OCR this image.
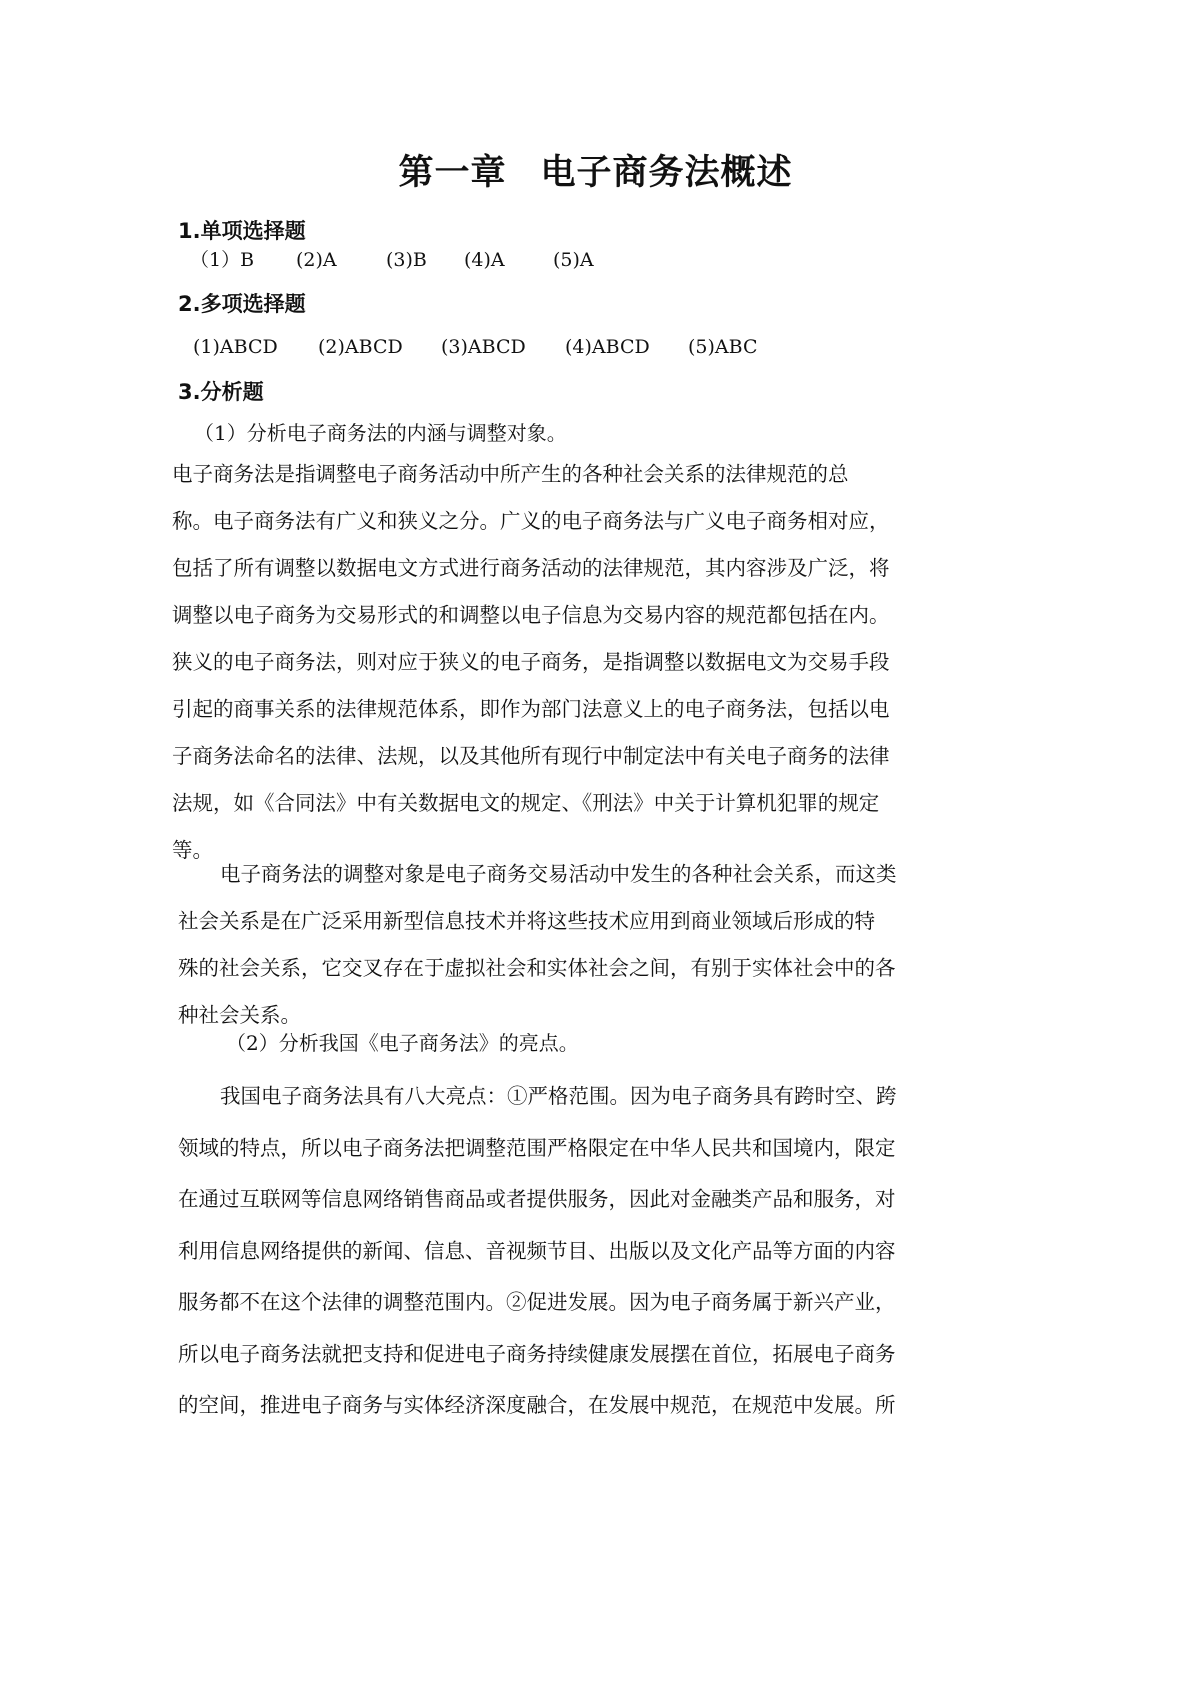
第一章 电子商务法概述
1.单项选择题
（1）B (2)A	(3)B (4)A	(5)A
2.多项选择题
(1)ABCD (2)ABCD (3)ABCD (4)ABCD (5)ABC
3.分析题

（1）分析电子商务法的内涵与调整对象。

电子商务法是指调整电子商务活动中所产生的各种社会关系的法律规范的总
称。电子商务法有广义和狭义之分。广义的电子商务法与广义电子商务相对应，
包括了所有调整以数据电文方式进行商务活动的法律规范，其内容涉及广泛，将
调整以电子商务为交易形式的和调整以电子信息为交易内容的规范都包括在内。
狭义的电子商务法，则对应于狭义的电子商务，是指调整以数据电文为交易手段
引起的商事关系的法律规范体系，即作为部门法意义上的电子商务法，包括以电
子商务法命名的法律、法规，以及其他所有现行中制定法中有关电子商务的法律
法规，如《合同法》中有关数据电文的规定、《刑法》中关于计算机犯罪的规定
等。
电子商务法的调整对象是电子商务交易活动中发生的各种社会关系，而这类
社会关系是在广泛采用新型信息技术并将这些技术应用到商业领域后形成的特
殊的社会关系，它交叉存在于虚拟社会和实体社会之间，有别于实体社会中的各
种社会关系。

（2）分析我国《电子商务法》的亮点。

我国电子商务法具有八大亮点：①严格范围。因为电子商务具有跨时空、跨
领域的特点，所以电子商务法把调整范围严格限定在中华人民共和国境内，限定
在通过互联网等信息网络销售商品或者提供服务，因此对金融类产品和服务，对
利用信息网络提供的新闻、信息、音视频节目、出版以及文化产品等方面的内容
服务都不在这个法律的调整范围内。②促进发展。因为电子商务属于新兴产业，
所以电子商务法就把支持和促进电子商务持续健康发展摆在首位，拓展电子商务
的空间，推进电子商务与实体经济深度融合，在发展中规范，在规范中发展。所
